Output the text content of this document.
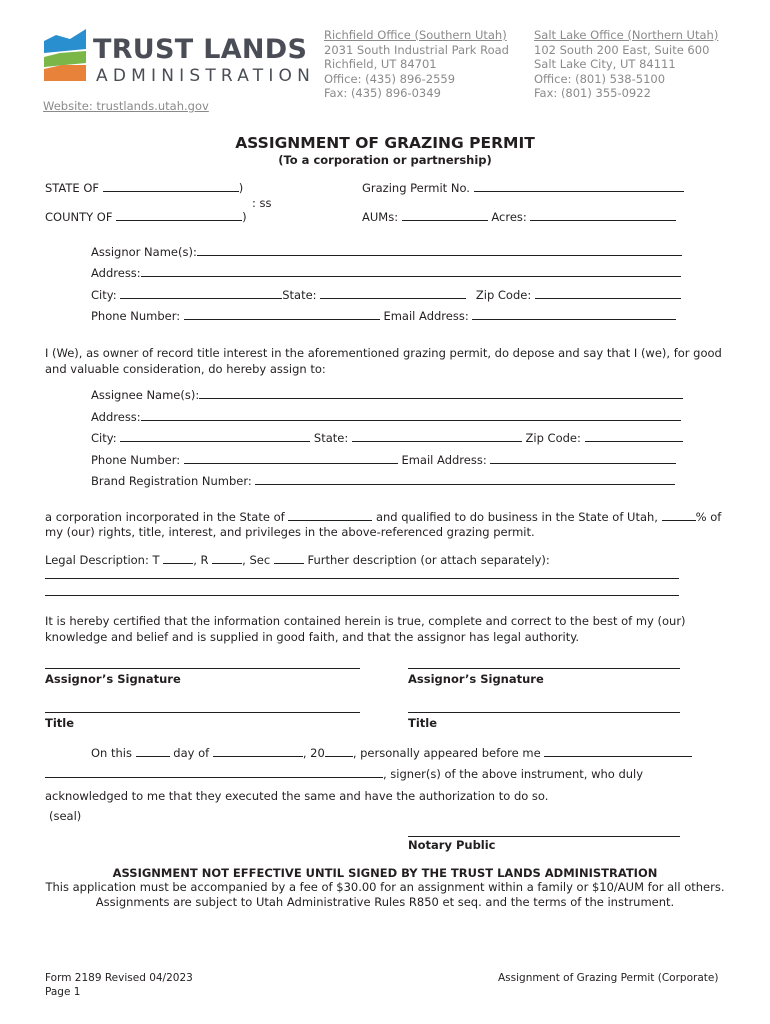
TRUST LANDS
ADMINISTRATION
Website: trustlands.utah.gov
Richfield Office (Southern Utah)
2031 South Industrial Park Road
Richfield, UT 84701
Office: (435) 896-2559
Fax: (435) 896-0349
Salt Lake Office (Northern Utah)
102 South 200 East, Suite 600
Salt Lake City, UT 84111
Office: (801) 538-5100
Fax: (801) 355-0922
ASSIGNMENT OF GRAZING PERMIT
(To a corporation or partnership)
STATE OF	)
: ss
COUNTY OF	)
Grazing Permit No.
AUMs:	Acres:
Assignor Name(s):
Address:
City:	State:	Zip Code:
Phone Number:	Email Address:
I (We), as owner of record title interest in the aforementioned grazing permit, do depose and say that I (we), for good and valuable consideration, do hereby assign to:
Assignee Name(s):
Address:
City:	State:	Zip Code:
Phone Number:	Email Address:
Brand Registration Number:
a corporation incorporated in the State of	and qualified to do business in the State of Utah,	% of
my (our) rights, title, interest, and privileges in the above-referenced grazing permit.
Legal Description: T	, R	, Sec	Further description (or attach separately):
It is hereby certified that the information contained herein is true, complete and correct to the best of my (our) knowledge and belief and is supplied in good faith, and that the assignor has legal authority.
Assignor’s Signature	Assignor’s Signature
Title	Title
On this	day of	, 20 , personally appeared before me
, signer(s) of the above instrument, who duly
acknowledged to me that they executed the same and have the authorization to do so.
(seal)
Notary Public
ASSIGNMENT NOT EFFECTIVE UNTIL SIGNED BY THE TRUST LANDS ADMINISTRATION
This application must be accompanied by a fee of $30.00 for an assignment within a family or $10/AUM for all others.
Assignments are subject to Utah Administrative Rules R850 et seq. and the terms of the instrument.
Form 2189 Revised 04/2023
Page 1
Assignment of Grazing Permit (Corporate)
